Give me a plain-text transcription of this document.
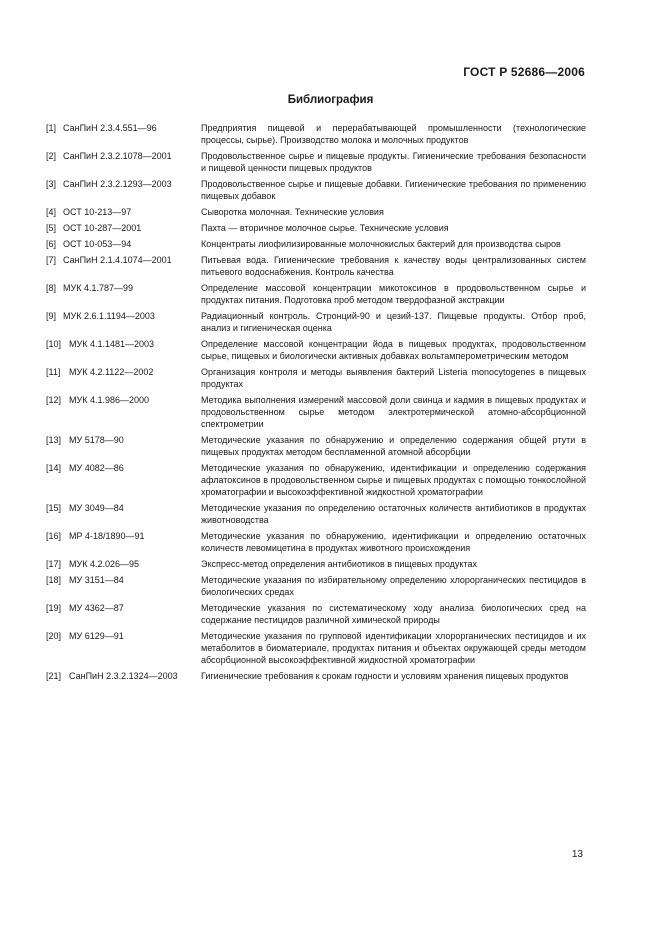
ГОСТ Р 52686—2006
Библиография
[1] СанПиН 2.3.4.551—96	Предприятия пищевой и перерабатывающей промышленности (технологические процессы, сырье). Производство молока и молочных продуктов
[2] СанПиН 2.3.2.1078—2001	Продовольственное сырье и пищевые продукты. Гигиенические требования безопасности и пищевой ценности пищевых продуктов
[3] СанПиН 2.3.2.1293—2003	Продовольственное сырье и пищевые добавки. Гигиенические требования по применению пищевых добавок
[4] ОСТ 10-213—97	Сыворотка молочная. Технические условия
[5] ОСТ 10-287—2001	Пахта — вторичное молочное сырье. Технические условия
[6] ОСТ 10-053—94	Концентраты лиофилизированные молочнокислых бактерий для производства сыров
[7] СанПиН 2.1.4.1074—2001	Питьевая вода. Гигиенические требования к качеству воды централизованных систем питьевого водоснабжения. Контроль качества
[8] МУК 4.1.787—99	Определение массовой концентрации микотоксинов в продовольственном сырье и продуктах питания. Подготовка проб методом твердофазной экстракции
[9] МУК 2.6.1.1194—2003	Радиационный контроль. Стронций-90 и цезий-137. Пищевые продукты. Отбор проб, анализ и гигиеническая оценка
[10] МУК 4.1.1481—2003	Определение массовой концентрации йода в пищевых продуктах, продовольственном сырье, пищевых и биологически активных добавках вольтамперометрическим методом
[11] МУК 4.2.1122—2002	Организация контроля и методы выявления бактерий Listeria monocytogenes в пищевых продуктах
[12] МУК 4.1.986—2000	Методика выполнения измерений массовой доли свинца и кадмия в пищевых продуктах и продовольственном сырье методом электротермической атомно-абсорбционной спектрометрии
[13] МУ 5178—90	Методические указания по обнаружению и определению содержания общей ртути в пищевых продуктах методом беспламенной атомной абсорбции
[14] МУ 4082—86	Методические указания по обнаружению, идентификации и определению содержания афлатоксинов в продовольственном сырье и пищевых продуктах с помощью тонкослойной хроматографии и высокоэффективной жидкостной хроматографии
[15] МУ 3049—84	Методические указания по определению остаточных количеств антибиотиков в продуктах животноводства
[16] МР 4-18/1890—91	Методические указания по обнаружению, идентификации и определению остаточных количеств левомицетина в продуктах животного происхождения
[17] МУК 4.2.026—95	Экспресс-метод определения антибиотиков в пищевых продуктах
[18] МУ 3151—84	Методические указания по избирательному определению хлорорганических пестицидов в биологических средах
[19] МУ 4362—87	Методические указания по систематическому ходу анализа биологических сред на содержание пестицидов различной химической природы
[20] МУ 6129—91	Методические указания по групповой идентификации хлорорганических пестицидов и их метаболитов в биоматериале, продуктах питания и объектах окружающей среды методом абсорбционной высокоэффективной жидкостной хроматографии
[21] СанПиН 2.3.2.1324—2003	Гигиенические требования к срокам годности и условиям хранения пищевых продуктов
13
